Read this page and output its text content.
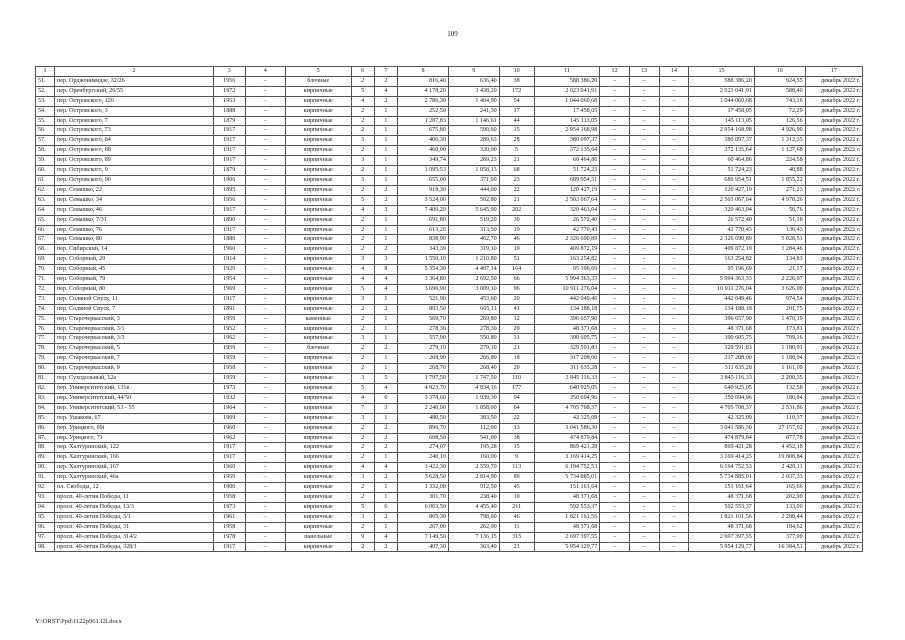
109
1	2	3	4	5	6	7	8	9	10	11	12	13	14	15	16	17
51.	пер. Орджоникидзе, 32/26	1956	–	блочные	2	2	816,40	636,40	38	588 386,20	–	–	–	588 386,20	924,55	декабрь 2022 г.
52.	пер. Оренбургский, 26/55	1972	–	кирпичные	5	4	4 178,20	3 438,20	172	2 023 041,91	–	–	–	2 023 041,91	588,40	декабрь 2022 г.
53.	пер. Островского, 126	1953	–	кирпичные	4	2	2 786,30	1 404,90	54	1 044 060,68	–	–	–	1 044 060,68	743,16	декабрь 2022 г.
54.	пер. Островского, 3	1888	–	кирпичные	2	1	252,50	241,30	17	17 458,05	–	–	–	17 458,05	72,29	декабрь 2022 г.
55.	пер. Островского, 7	1879	–	кирпичные	2	1	1 287,83	1 146,61	44	145 113,05	–	–	–	145 113,05	126,56	декабрь 2022 г.
56.	пер. Островского, 73	1917	–	кирпичные	2	1	675,80	599,60	15	2 954 168,98	–	–	–	2 954 168,98	4 926,90	декабрь 2022 г.
57.	пер. Островского, 84	1917	–	кирпичные	3	1	406,30	289,63	28	380 097,37	–	–	–	380 097,37	1 312,35	декабрь 2022 г.
58.	пер. Островского, 88	1917	–	кирпичные	2	1	460,00	330,00	5	372 135,64	–	–	–	372 135,64	1 127,68	декабрь 2022 г.
59.	пер. Островского, 89	1917	–	кирпичные	3	1	349,74	269,23	21	60 464,86	–	–	–	60 464,86	224,58	декабрь 2022 г.
60.	пер. Островского, 9	1879	–	кирпичные	2	1	1 095,53	1 058,13	68	51 724,23	–	–	–	51 724,23	48,88	декабрь 2022 г.
61.	пер. Островского, 90	1906	–	кирпичные	3	1	655,00	371,90	23	689 954,51	–	–	–	689 954,51	1 855,22	декабрь 2022 г.
62.	пер. Семашко, 22	1895	–	кирпичные	2	2	918,30	444,00	22	120 427,19	–	–	–	120 427,19	271,23	декабрь 2022 г.
63.	пер. Семашко, 34	1956	–	кирпичные	5	2	3 524,00	502,80	21	2 503 067,64	–	–	–	2 503 067,64	4 978,26	декабрь 2022 г.
64.	пер. Семашко, 46	1917	–	кирпичные	4	3	7 409,20	5 645,90	202	320 463,04	–	–	–	320 463,04	56,76	декабрь 2022 г.
65.	пер. Семашко, 7/31	1890	–	кирпичные	2	1	691,80	519,20	30	26 572,40	–	–	–	26 572,40	51,18	декабрь 2022 г.
66.	пер. Семашко, 76	1917	–	кирпичные	2	1	613,20	313,50	19	42 770,43	–	–	–	42 770,43	136,43	декабрь 2022 г.
67.	пер. Семашко, 80	1880	–	кирпичные	2	1	838,90	462,70	46	2 326 690,89	–	–	–	2 326 690,89	5 028,51	декабрь 2022 г.
68.	пер. Сибирский, 14	1960	–	кирпичные	2	2	343,39	319,10	19	409 872,19	–	–	–	409 872,19	1 284,46	декабрь 2022 г.
69.	пер. Соборный, 29	1914	–	кирпичные	3	3	1 550,10	1 210,80	51	163 254,82	–	–	–	163 254,82	134,83	декабрь 2022 г.
70.	пер. Соборный, 45	1929	–	кирпичные	4	8	5 354,30	4 497,14	164	95 196,69	–	–	–	95 196,69	21,17	декабрь 2022 г.
71.	пер. Соборный, 79	1954	–	кирпичные	4	4	3 364,80	2 692,50	66	5 994 363,33	–	–	–	5 994 363,33	2 226,07	декабрь 2022 г.
72.	пер. Соборный, 80	1969	–	кирпичные	5	4	3 696,90	3 009,10	96	10 911 276,04	–	–	–	10 911 276,04	3 626,09	декабрь 2022 г.
73.	пер. Соляной Спуск, 11	1917	–	кирпичные	3	1	521,90	453,60	20	442 049,46	–	–	–	442 049,46	974,54	декабрь 2022 г.
74.	пер. Соляной Спуск, 7	1891	–	кирпичные	2	2	893,50	665,11	41	134 188,18	–	–	–	134 188,18	201,75	декабрь 2022 г.
75.	пер. Старочеркасский, 3	1959	–	каменные	2	1	569,70	269,80	12	396 657,90	–	–	–	396 657,90	1 470,19	декабрь 2022 г.
76.	пер. Старочеркасский, 3/1	1952	–	кирпичные	2	1	278,30	278,30	20	48 371,68	–	–	–	48 371,68	173,81	декабрь 2022 г.
77.	пер. Старочеркасский, 3/3	1962	–	кирпичные	3	1	557,90	550,80	31	390 605,75	–	–	–	390 605,75	709,16	декабрь 2022 г.
78.	пер. Старочеркасский, 5	1959	–	блочные	2	2	279,10	279,10	21	329 591,83	–	–	–	329 591,83	1 180,91	декабрь 2022 г.
79.	пер. Старочеркасский, 7	1959	–	кирпичные	2	1	268,90	266,80	18	317 208,00	–	–	–	317 208,00	1 188,94	декабрь 2022 г.
80.	пер. Старочеркасский, 9	1958	–	кирпичные	2	1	268,70	268,40	20	311 635,28	–	–	–	311 635,28	1 161,09	декабрь 2022 г.
81.	пер. Суходольный, 12а	1959	–	кирпичные	3	5	1 797,50	1 747,50	110	3 845 116,33	–	–	–	3 845 116,33	2 200,35	декабрь 2022 г.
82.	пер. Университетский, 131в	1973	–	кирпичные	5	4	4 923,70	4 834,16	177	640 925,05	–	–	–	640 925,05	132,58	декабрь 2022 г.
83.	пер. Университетский, 44/50	1932	–	кирпичные	4	6	3 378,60	1 939,30	94	350 694,96	–	–	–	350 694,96	180,84	декабрь 2022 г.
84.	пер. Университетский, 53 - 55	1964	–	кирпичные	7	3	2 240,90	1 858,60	64	4 705 708,37	–	–	–	4 705 708,37	2 531,86	декабрь 2022 г.
85.	пер. Ушакова, 67	1909	–	кирпичные	3	1	480,50	383,50	22	42 325,09	–	–	–	42 325,09	110,37	декабрь 2022 г.
86.	пер. Урицкого, 69i	1960	–	кирпичные	2	2	896,70	112,00	13	3 041 586,30	–	–	–	3 041 586,30	27 157,02	декабрь 2022 г.
87.	пер. Урицкого, 71	1962	–	кирпичные	2	2	608,50	541,00	38	474 879,84	–	–	–	474 879,84	877,78	декабрь 2022 г.
88.	пер. Халтуринский, 122	1917	–	кирпичные	2	2	274,07	195,28	15	869 421,28	–	–	–	869 421,28	4 452,18	декабрь 2022 г.
89.	пер. Халтуринский, 166	1917	–	кирпичные	2	1	240,10	160,00	9	3 169 414,25	–	–	–	3 169 414,25	19 808,84	декабрь 2022 г.
90.	пер. Халтуринский, 167	1960	–	кирпичные	4	4	3 422,30	2 559,70	113	6 194 752,53	–	–	–	6 194 752,53	2 420,11	декабрь 2022 г.
91.	пер. Халтуринский, 46а	1959	–	кирпичные	3	2	3 628,50	2 814,90	89	5 734 885,01	–	–	–	5 734 885,01	2 037,33	декабрь 2022 г.
92.	пл. Свободы, 12	1900	–	кирпичные	2	1	1 332,08	912,50	45	151 161,64	–	–	–	151 161,64	165,66	декабрь 2022 г.
93.	просп. 40-летия Победы, 11	1958	–	кирпичные	2	1	301,70	238,40	10	48 371,68	–	–	–	48 371,68	202,90	декабрь 2022 г.
94.	просп. 40-летия Победы, 13/3	1973	–	кирпичные	5	6	6 003,50	4 455,40	211	592 553,37	–	–	–	592 553,37	133,00	декабрь 2022 г.
95.	просп. 40-летия Победы, 3/1	1961	–	кирпичные	3	2	805,30	798,60	46	1 821 161,56	–	–	–	1 821 161,56	2 280,44	декабрь 2022 г.
96.	просп. 40-летия Победы, 31	1958	–	кирпичные	2	1	267,00	262,00	11	48 371,68	–	–	–	48 371,68	184,62	декабрь 2022 г.
97.	просп. 40-летия Победы, 314/2	1978	–	панельные	9	4	7 149,50	7 136,15	315	2 697 397,55	–	–	–	2 697 397,55	377,99	декабрь 2022 г.
98.	просп. 40-летия Победы, 328/1	1917	–	кирпичные	2	2	407,30	363,40	21	5 954 129,77	–	–	–	5 954 129,77	16 384,51	декабрь 2022 г.
Y:\ORST\Ppd\1122p961.f2l.docx
